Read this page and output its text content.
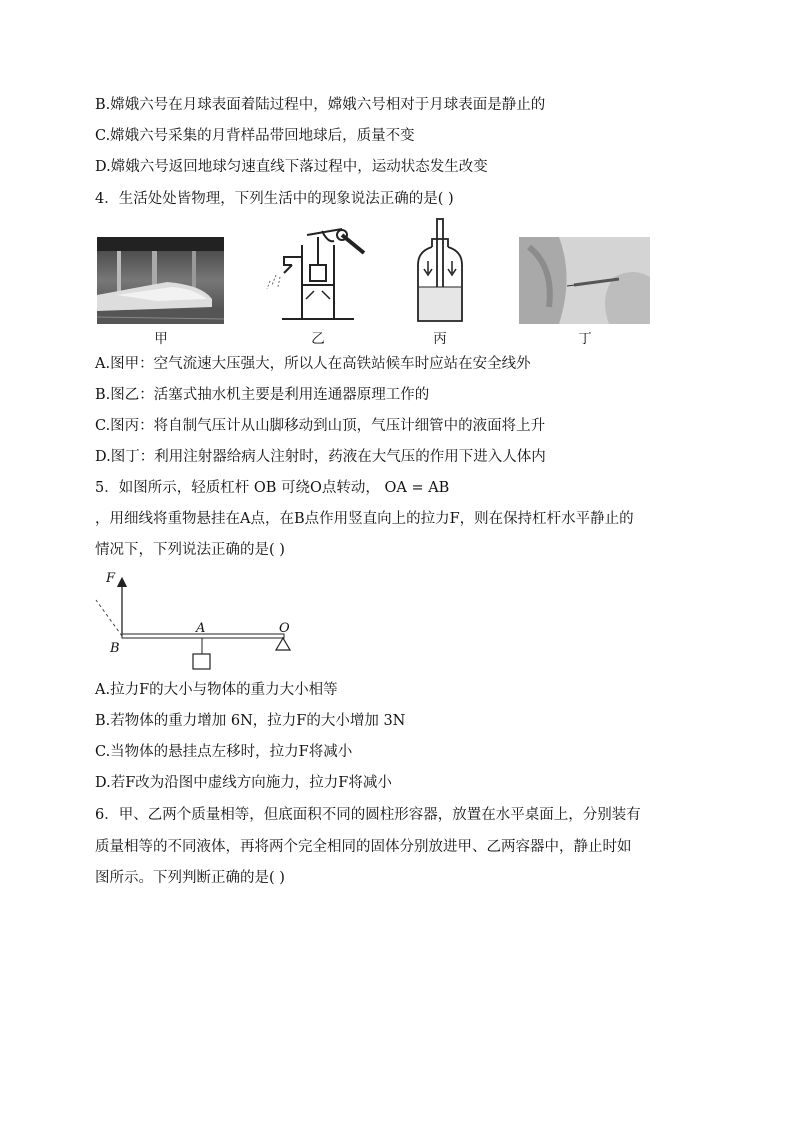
B.嫦娥六号在月球表面着陆过程中，嫦娥六号相对于月球表面是静止的
C.嫦娥六号采集的月背样品带回地球后，质量不变
D.嫦娥六号返回地球匀速直线下落过程中，运动状态发生改变
4．生活处处皆物理，下列生活中的现象说法正确的是( )
甲	乙	丙	丁
A.图甲：空气流速大压强大，所以人在高铁站候车时应站在安全线外
B.图乙：活塞式抽水机主要是利用连通器原理工作的
C.图丙：将自制气压计从山脚移动到山顶，气压计细管中的液面将上升
D.图丁：利用注射器给病人注射时，药液在大气压的作用下进入人体内
5．如图所示，轻质杠杆 OB 可绕O点转动， OA = AB
，用细线将重物悬挂在A点，在B点作用竖直向上的拉力F，则在保持杠杆水平静止的
情况下，下列说法正确的是( )
F
A	O
B
A.拉力F的大小与物体的重力大小相等
B.若物体的重力增加 6N，拉力F的大小增加 3N
C.当物体的悬挂点左移时，拉力F将减小
D.若F改为沿图中虚线方向施力，拉力F将减小
6．甲、乙两个质量相等，但底面积不同的圆柱形容器，放置在水平桌面上，分别装有
质量相等的不同液体，再将两个完全相同的固体分别放进甲、乙两容器中，静止时如
图所示。下列判断正确的是( )
